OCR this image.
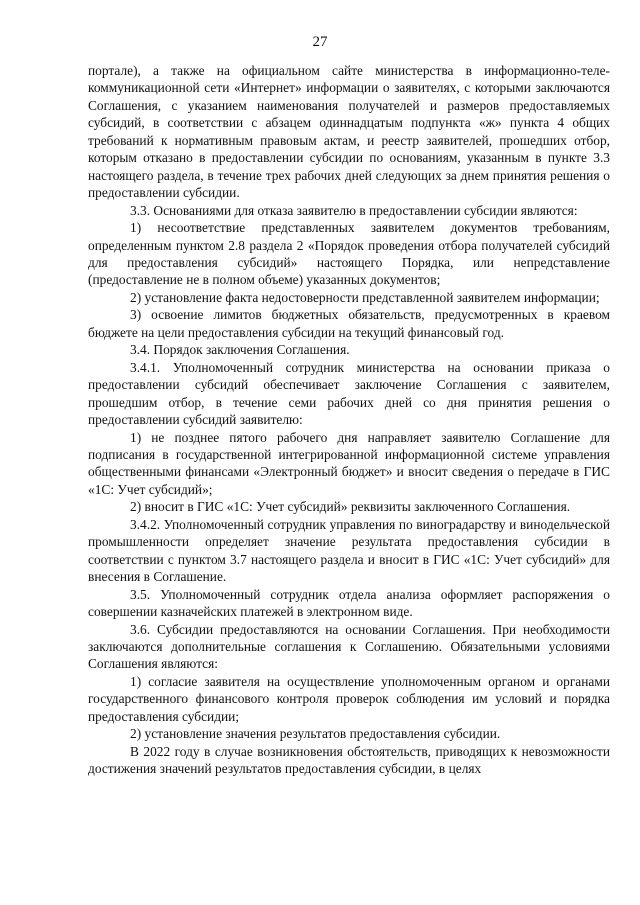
27

порталe), а также на официальном сайте министерства в информационно-телекоммуникационной сети «Интернет» информации о заявителях, с которыми заключаются Соглашения, с указанием наименования получателей и размеров предоставляемых субсидий, в соответствии с абзацем одиннадцатым подпункта «ж» пункта 4 общих требований к нормативным правовым актам, и реестр заявителей, прошедших отбор, которым отказано в предоставлении субсидии по основаниям, указанным в пункте 3.3 настоящего раздела, в течение трех рабочих дней следующих за днем принятия решения о предоставлении субсидии.

3.3. Основаниями для отказа заявителю в предоставлении субсидии являются:

1) несоответствие представленных заявителем документов требованиям, определенным пунктом 2.8 раздела 2 «Порядок проведения отбора получателей субсидий для предоставления субсидий» настоящего Порядка, или непредставление (предоставление не в полном объеме) указанных документов;

2) установление факта недостоверности представленной заявителем информации;

3) освоение лимитов бюджетных обязательств, предусмотренных в краевом бюджете на цели предоставления субсидии на текущий финансовый год.

3.4. Порядок заключения Соглашения.

3.4.1. Уполномоченный сотрудник министерства на основании приказа о предоставлении субсидий обеспечивает заключение Соглашения с заявителем, прошедшим отбор, в течение семи рабочих дней со дня принятия решения о предоставлении субсидий заявителю:

1) не позднее пятого рабочего дня направляет заявителю Соглашение для подписания в государственной интегрированной информационной системе управления общественными финансами «Электронный бюджет» и вносит сведения о передаче в ГИС «1С: Учет субсидий»;

2) вносит в ГИС «1С: Учет субсидий» реквизиты заключенного Соглашения.

3.4.2. Уполномоченный сотрудник управления по виноградарству и винодельческой промышленности определяет значение результата предоставления субсидии в соответствии с пунктом 3.7 настоящего раздела и вносит в ГИС «1С: Учет субсидий» для внесения в Соглашение.

3.5. Уполномоченный сотрудник отдела анализа оформляет распоряжения о совершении казначейских платежей в электронном виде.

3.6. Субсидии предоставляются на основании Соглашения. При необходимости заключаются дополнительные соглашения к Соглашению. Обязательными условиями Соглашения являются:

1) согласие заявителя на осуществление уполномоченным органом и органами государственного финансового контроля проверок соблюдения им условий и порядка предоставления субсидии;

2) установление значения результатов предоставления субсидии.

В 2022 году в случае возникновения обстоятельств, приводящих к невозможности достижения значений результатов предоставления субсидии, в целях
